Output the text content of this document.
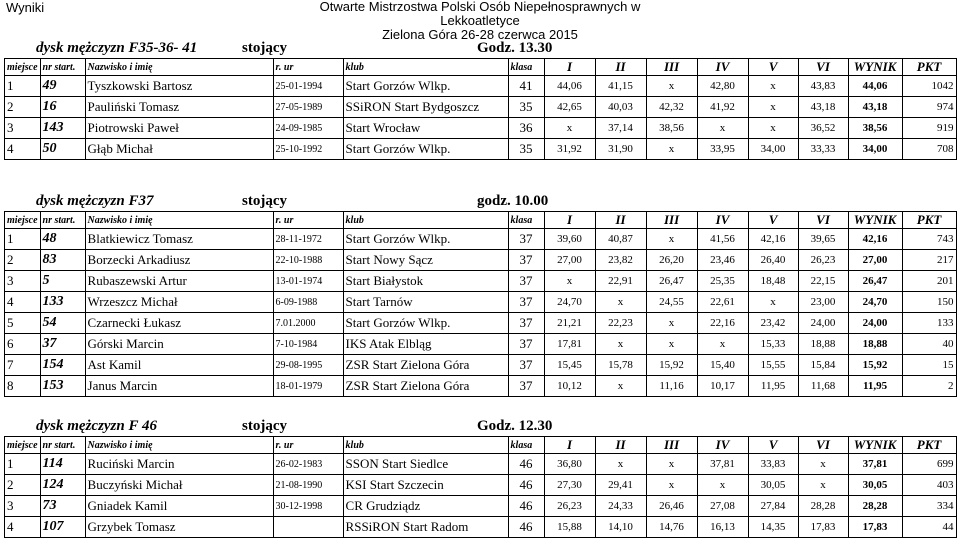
Wyniki	Otwarte Mistrzostwa Polski Osób Niepełnosprawnych w Lekkoatletyce
Zielona Góra 26-28 czerwca 2015
dysk mężczyzn F35-36- 41	stojący	Godz. 13.30
miejsce	nr start.	Nazwisko i imię	r. ur	klub	klasa	I	II	III	IV	V	VI	WYNIK	PKT
1	49	Tyszkowski Bartosz	25-01-1994	Start Gorzów Wlkp.	41	44,06	41,15	x	42,80	x	43,83	44,06	1042
2	16	Pauliński Tomasz	27-05-1989	SSiRON Start Bydgoszcz	35	42,65	40,03	42,32	41,92	x	43,18	43,18	974
3	143	Piotrowski Paweł	24-09-1985	Start Wrocław	36	x	37,14	38,56	x	x	36,52	38,56	919
4	50	Głąb Michał	25-10-1992	Start Gorzów Wlkp.	35	31,92	31,90	x	33,95	34,00	33,33	34,00	708
dysk mężczyzn F37	stojący	godz. 10.00
miejsce	nr start.	Nazwisko i imię	r. ur	klub	klasa	I	II	III	IV	V	VI	WYNIK	PKT
1	48	Blatkiewicz Tomasz	28-11-1972	Start Gorzów Wlkp.	37	39,60	40,87	x	41,56	42,16	39,65	42,16	743
2	83	Borzecki Arkadiusz	22-10-1988	Start Nowy Sącz	37	27,00	23,82	26,20	23,46	26,40	26,23	27,00	217
3	5	Rubaszewski Artur	13-01-1974	Start Białystok	37	x	22,91	26,47	25,35	18,48	22,15	26,47	201
4	133	Wrzeszcz Michał	6-09-1988	Start Tarnów	37	24,70	x	24,55	22,61	x	23,00	24,70	150
5	54	Czarnecki Łukasz	7.01.2000	Start Gorzów Wlkp.	37	21,21	22,23	x	22,16	23,42	24,00	24,00	133
6	37	Górski Marcin	7-10-1984	IKS Atak Elbląg	37	17,81	x	x	x	15,33	18,88	18,88	40
7	154	Ast Kamil	29-08-1995	ZSR Start Zielona Góra	37	15,45	15,78	15,92	15,40	15,55	15,84	15,92	15
8	153	Janus Marcin	18-01-1979	ZSR Start Zielona Góra	37	10,12	x	11,16	10,17	11,95	11,68	11,95	2
dysk mężczyzn F 46	stojący	Godz. 12.30
miejsce	nr start.	Nazwisko i imię	r. ur	klub	klasa	I	II	III	IV	V	VI	WYNIK	PKT
1	114	Ruciński Marcin	26-02-1983	SSON Start Siedlce	46	36,80	x	x	37,81	33,83	x	37,81	699
2	124	Buczyński Michał	21-08-1990	KSI Start Szczecin	46	27,30	29,41	x	x	30,05	x	30,05	403
3	73	Gniadek Kamil	30-12-1998	CR Grudziądz	46	26,23	24,33	26,46	27,08	27,84	28,28	28,28	334
4	107	Grzybek Tomasz		RSSiRON Start Radom	46	15,88	14,10	14,76	16,13	14,35	17,83	17,83	44
